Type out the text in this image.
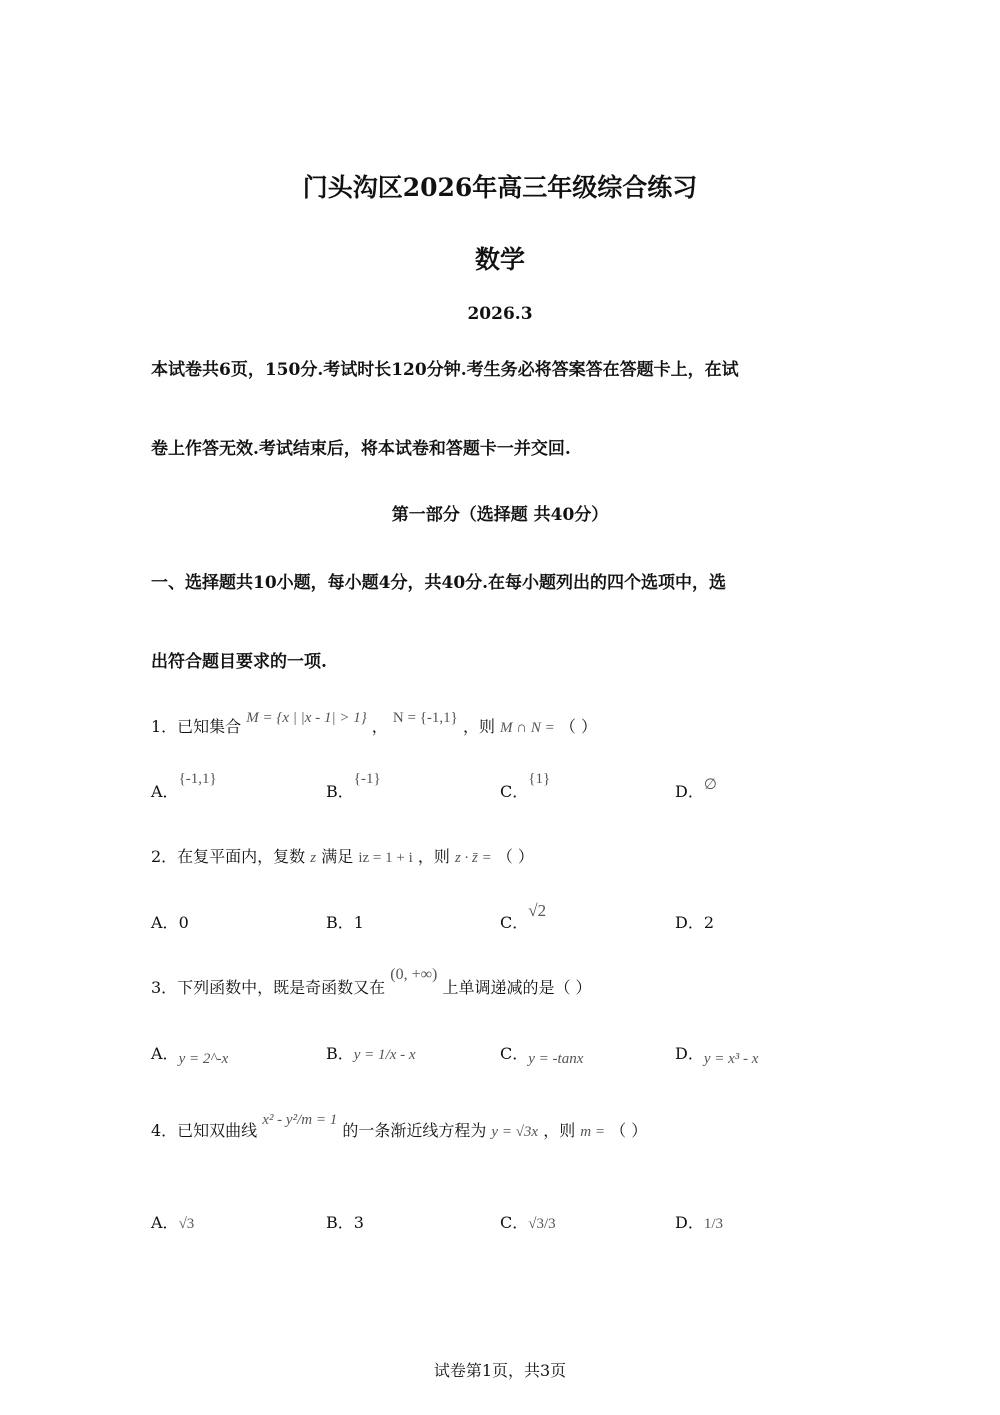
门头沟区2026年高三年级综合练习
数学
2026.3
本试卷共6页，150分.考试时长120分钟.考生务必将答案答在答题卡上，在试
卷上作答无效.考试结束后，将本试卷和答题卡一并交回.
第一部分（选择题 共40分）
一、选择题共10小题，每小题4分，共40分.在每小题列出的四个选项中，选
出符合题目要求的一项.
1．已知集合 M = {x | |x - 1| > 1} ， N = {-1,1} ，则 M ∩ N = （ ）
A．{-1,1}
B．{-1}
C．{1}
D．∅
2．在复平面内，复数 z 满足 iz = 1 + i ，则 z · z̄ = （ ）
A．0	B．1	C．√2
D．2
3．下列函数中，既是奇函数又在 (0, +∞) 上单调递减的是（ ）
A．y = 2^-x	B．y = 1/x - x	C．y = -tanx	D．y = x³ - x
4．已知双曲线 x² - y²/m = 1 的一条渐近线方程为 y = √3x ，则 m = （ ）
A．√3	B．3	C．√3/3	D．1/3
试卷第1页，共3页
